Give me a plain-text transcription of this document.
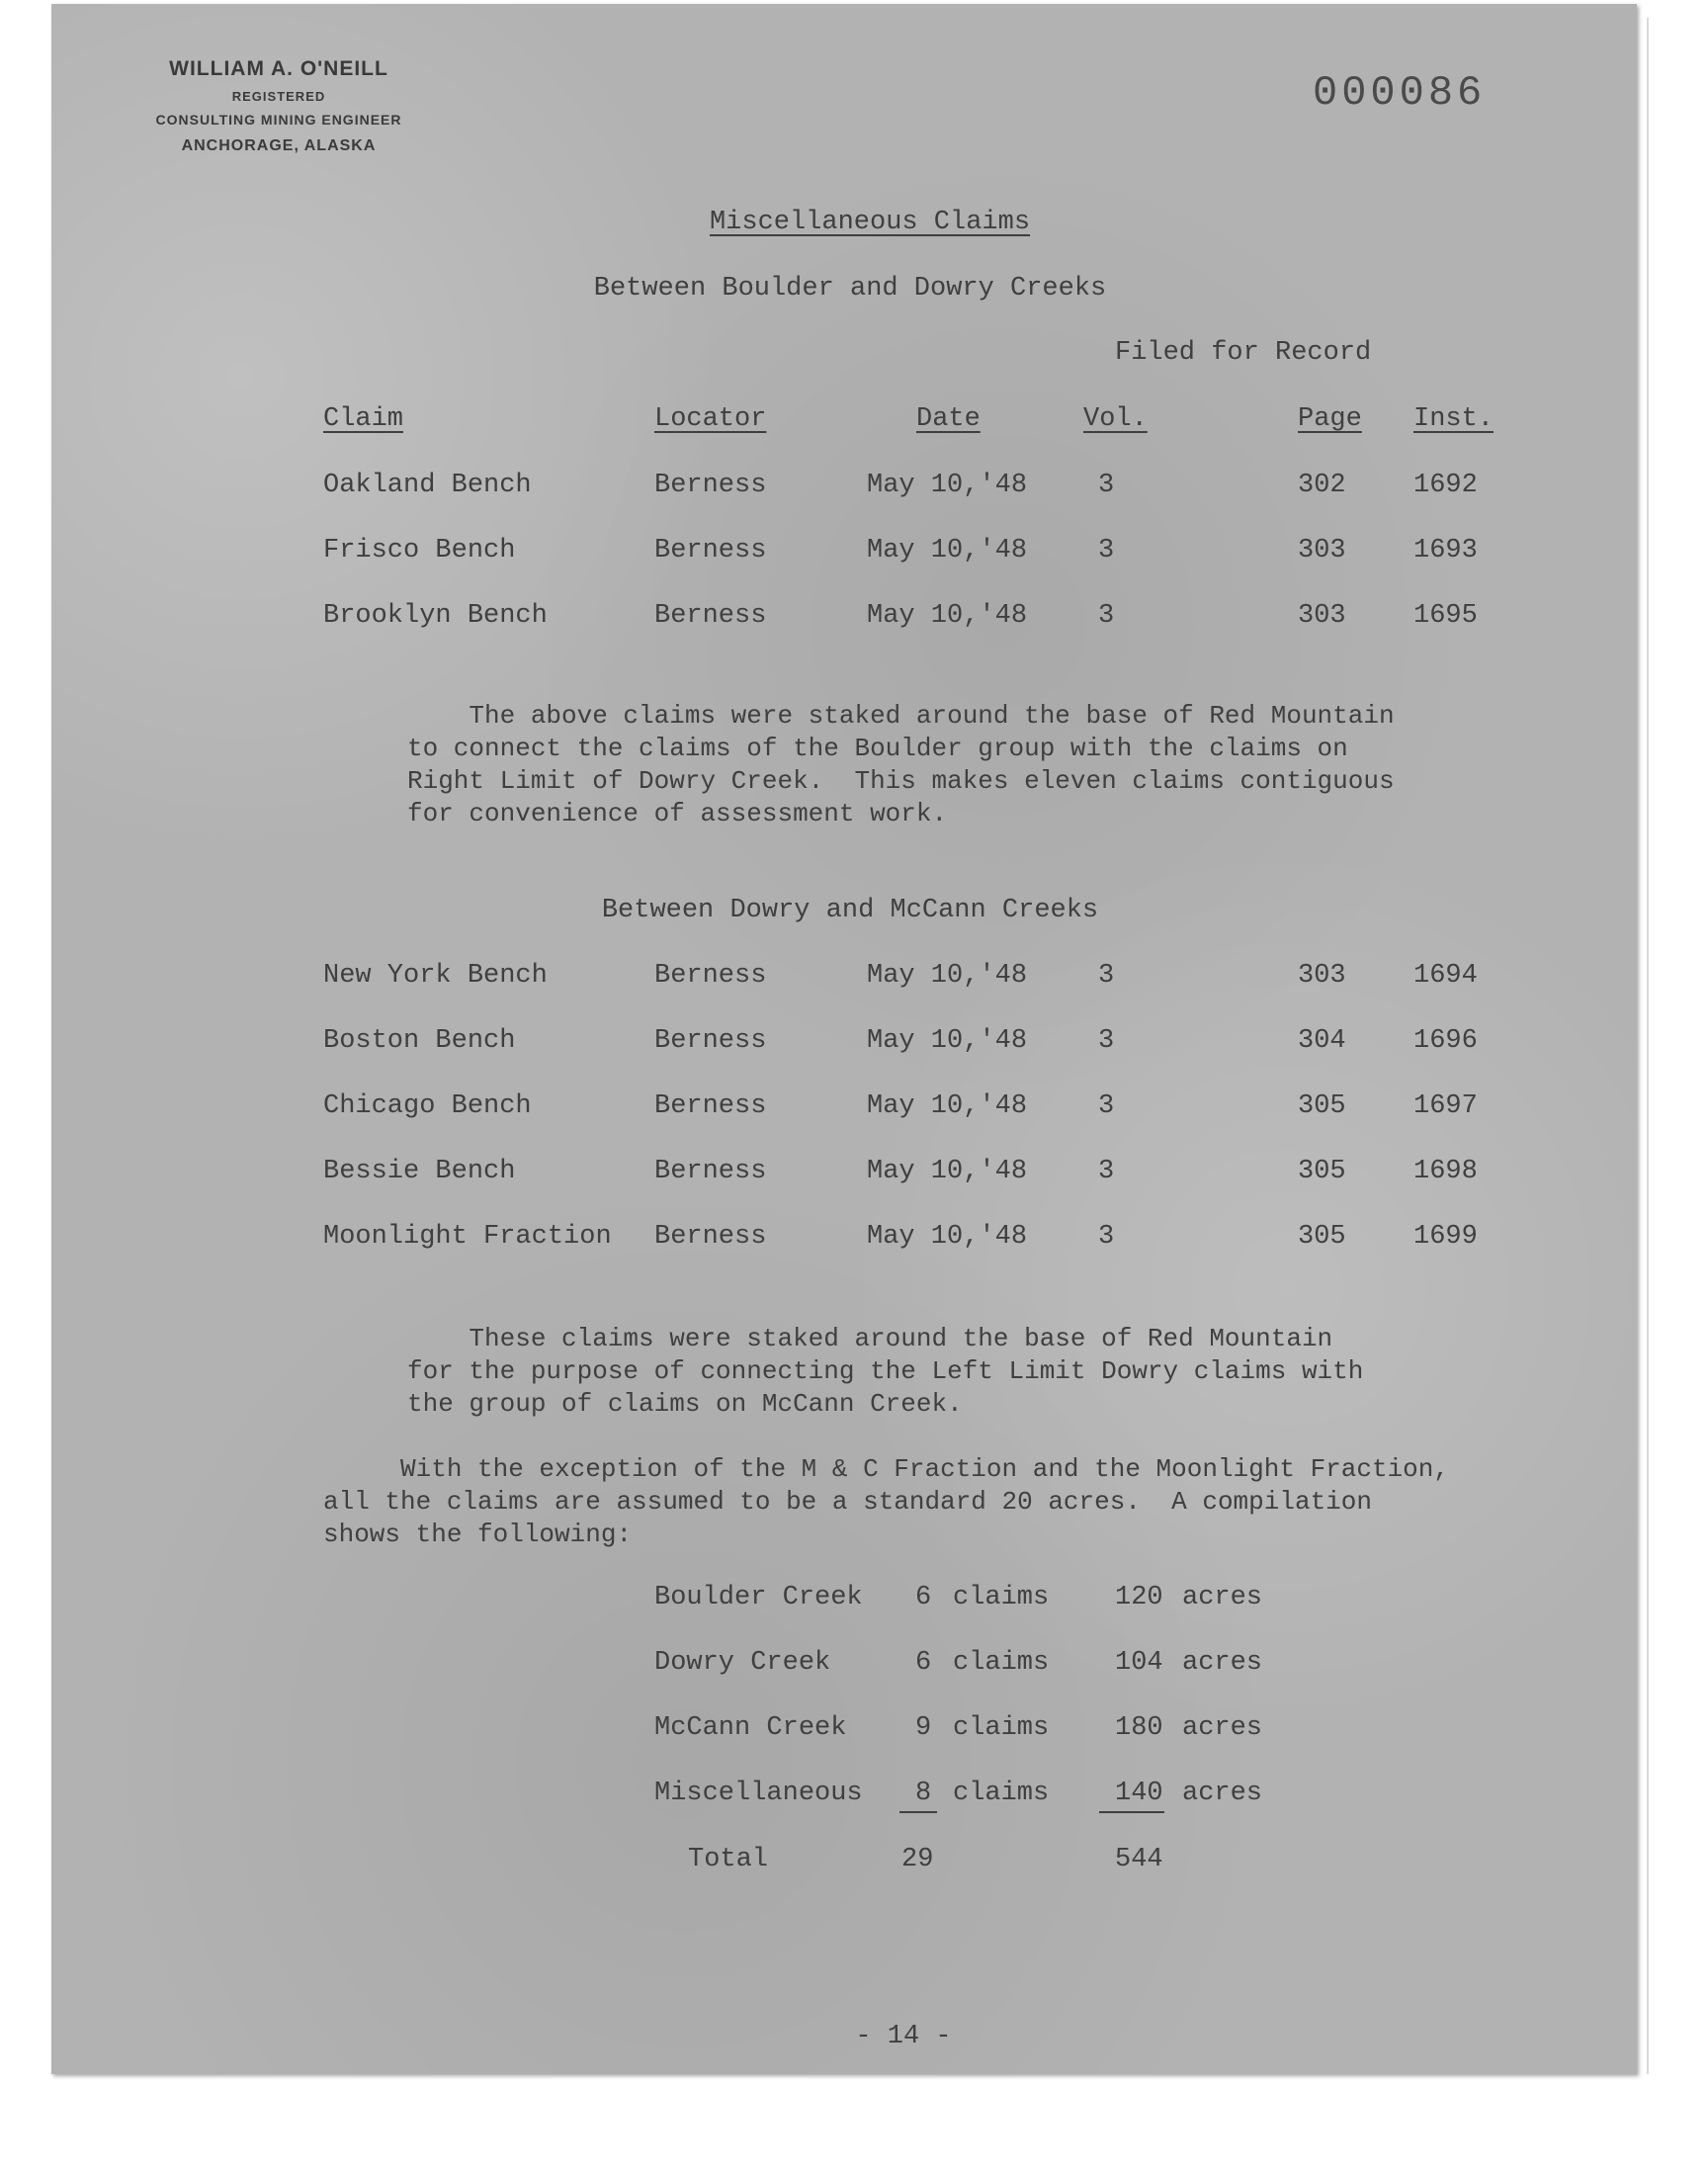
WILLIAM A. O'NEILL
REGISTERED
CONSULTING MINING ENGINEER
ANCHORAGE, ALASKA
000086
Miscellaneous Claims
Between Boulder and Dowry Creeks
Filed for Record
Claim	Locator	Date	Vol.	Page Inst.
Oakland Bench	Berness	May 10,'48	3	302	1692
Frisco Bench	Berness	May 10,'48	3	303	1693
Brooklyn Bench	Berness	May 10,'48	3	303	1695
The above claims were staked around the base of Red Mountain
to connect the claims of the Boulder group with the claims on
Right Limit of Dowry Creek.  This makes eleven claims contiguous
for convenience of assessment work.
Between Dowry and McCann Creeks
New York Bench	Berness	May 10,'48	3	303	1694
Boston Bench	Berness	May 10,'48	3	304	1696
Chicago Bench	Berness	May 10,'48	3	305	1697
Bessie Bench	Berness	May 10,'48	3	305	1698
Moonlight Fraction Berness	May 10,'48	3	305	1699
These claims were staked around the base of Red Mountain
for the purpose of connecting the Left Limit Dowry claims with
the group of claims on McCann Creek.
With the exception of the M & C Fraction and the Moonlight Fraction,
all the claims are assumed to be a standard 20 acres.  A compilation
shows the following:
Boulder Creek 6 claims 120 acres
Dowry Creek	6 claims 104 acres
McCann Creek	9 claims 180 acres
Miscellaneous 8 claims 140 acres
Total	29	544
- 14 -
